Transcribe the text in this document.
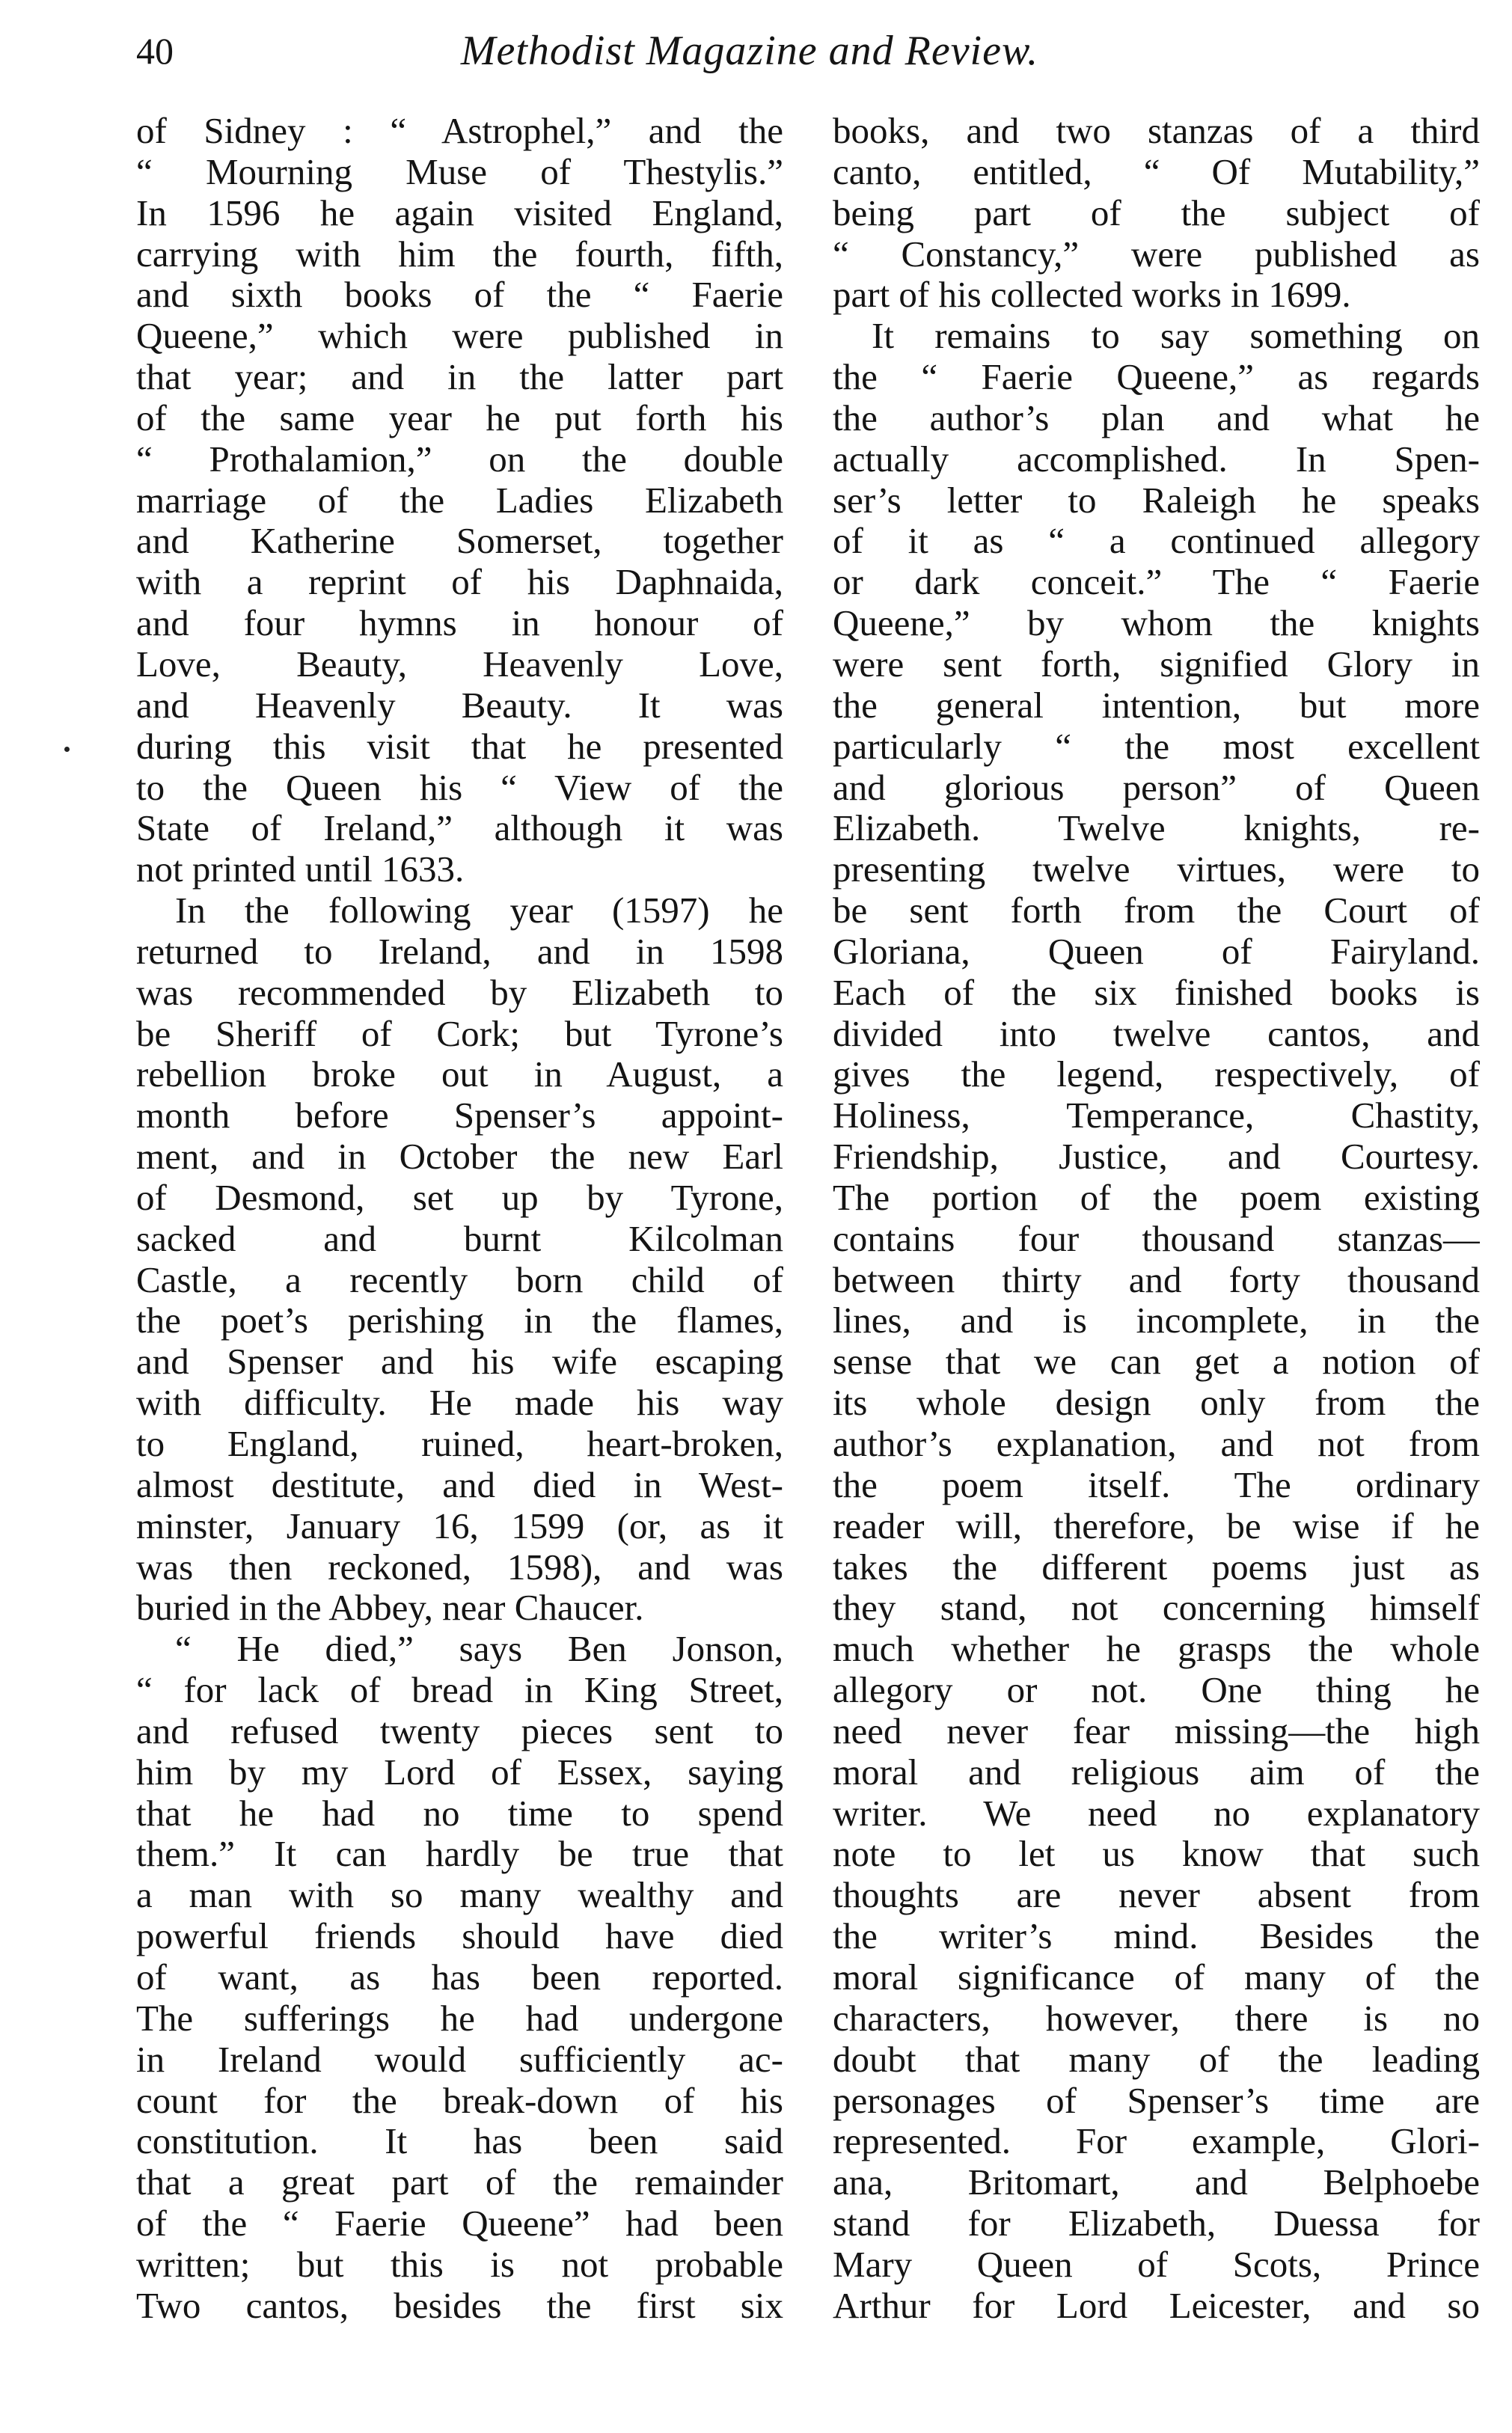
40	Methodist Magazine and Review.
of Sidney : “ Astrophel,” and the
“ Mourning Muse of Thestylis.”
In 1596 he again visited England,
carrying with him the fourth, fifth,
and sixth books of the “ Faerie
Queene,” which were published in
that year; and in the latter part
of the same year he put forth his
“ Prothalamion,” on the double
marriage of the Ladies Elizabeth
and Katherine Somerset, together
with a reprint of his Daphnaida,
and four hymns in honour of
Love, Beauty, Heavenly Love,
and Heavenly Beauty. It was
during this visit that he presented
to the Queen his “ View of the
State of Ireland,” although it was
not printed until 1633.
In the following year (1597) he
returned to Ireland, and in 1598
was recommended by Elizabeth to
be Sheriff of Cork; but Tyrone’s
rebellion broke out in August, a
month before Spenser’s appoint-
ment, and in October the new Earl
of Desmond, set up by Tyrone,
sacked and burnt Kilcolman
Castle, a recently born child of
the poet’s perishing in the flames,
and Spenser and his wife escaping
with difficulty. He made his way
to England, ruined, heart-broken,
almost destitute, and died in West-
minster, January 16, 1599 (or, as it
was then reckoned, 1598), and was
buried in the Abbey, near Chaucer.
“ He died,” says Ben Jonson,
“ for lack of bread in King Street,
and refused twenty pieces sent to
him by my Lord of Essex, saying
that he had no time to spend
them.” It can hardly be true that
a man with so many wealthy and
powerful friends should have died
of want, as has been reported.
The sufferings he had undergone
in Ireland would sufficiently ac-
count for the break-down of his
constitution. It has been said
that a great part of the remainder
of the “ Faerie Queene” had been
written; but this is not probable
Two cantos, besides the first six
books, and two stanzas of a third
canto, entitled, “ Of Mutability,”
being part of the subject of
“ Constancy,” were published as
part of his collected works in 1699.
It remains to say something on
the “ Faerie Queene,” as regards
the author’s plan and what he
actually accomplished. In Spen-
ser’s letter to Raleigh he speaks
of it as “ a continued allegory
or dark conceit.” The “ Faerie
Queene,” by whom the knights
were sent forth, signified Glory in
the general intention, but more
particularly “ the most excellent
and glorious person” of Queen
Elizabeth. Twelve knights, re-
presenting twelve virtues, were to
be sent forth from the Court of
Gloriana, Queen of Fairyland.
Each of the six finished books is
divided into twelve cantos, and
gives the legend, respectively, of
Holiness, Temperance, Chastity,
Friendship, Justice, and Courtesy.
The portion of the poem existing
contains four thousand stanzas—
between thirty and forty thousand
lines, and is incomplete, in the
sense that we can get a notion of
its whole design only from the
author’s explanation, and not from
the poem itself. The ordinary
reader will, therefore, be wise if he
takes the different poems just as
they stand, not concerning himself
much whether he grasps the whole
allegory or not. One thing he
need never fear missing—the high
moral and religious aim of the
writer. We need no explanatory
note to let us know that such
thoughts are never absent from
the writer’s mind. Besides the
moral significance of many of the
characters, however, there is no
doubt that many of the leading
personages of Spenser’s time are
represented. For example, Glori-
ana, Britomart, and Belphoebe
stand for Elizabeth, Duessa for
Mary Queen of Scots, Prince
Arthur for Lord Leicester, and so
